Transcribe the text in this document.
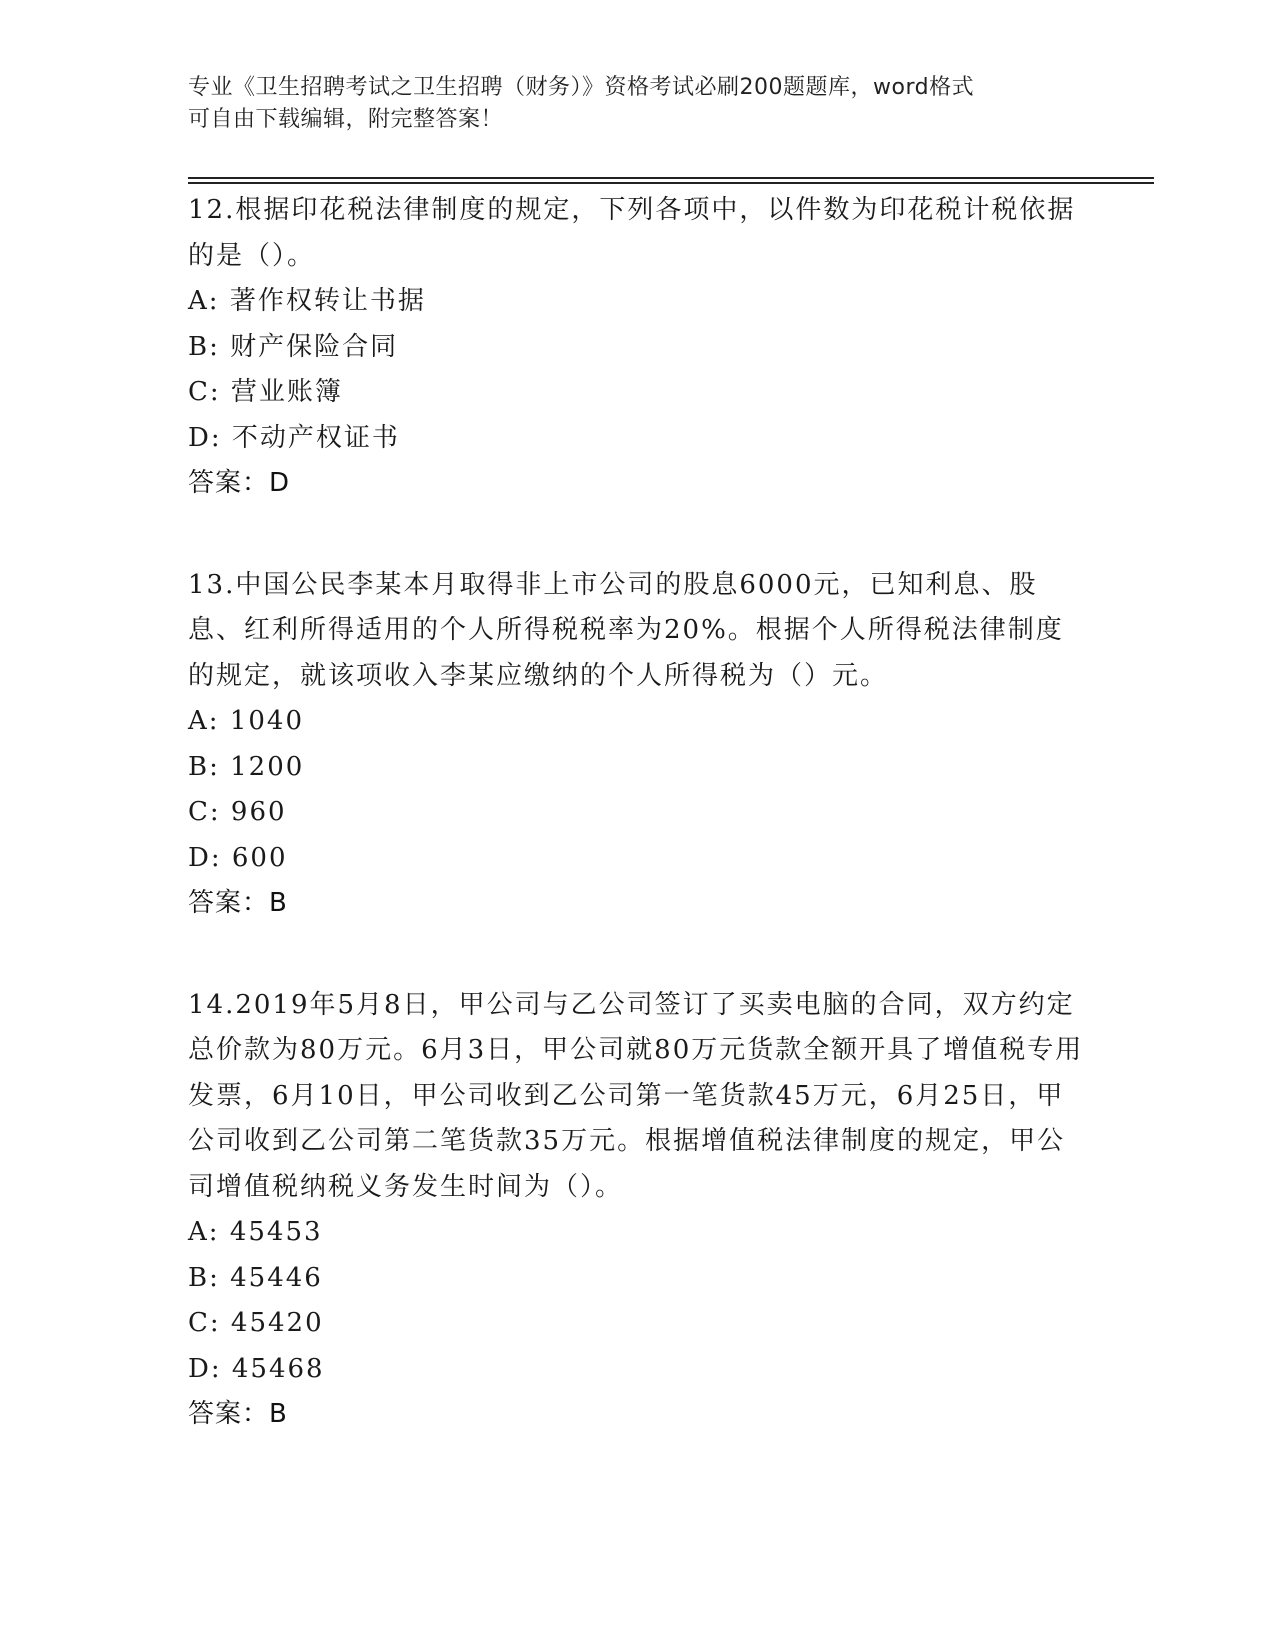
专业《卫生招聘考试之卫生招聘（财务）》资格考试必刷200题题库，word格式
可自由下载编辑，附完整答案！
12.根据印花税法律制度的规定，下列各项中，以件数为印花税计税依据的是（）。
A: 著作权转让书据
B: 财产保险合同
C: 营业账簿
D: 不动产权证书
答案：D
13.中国公民李某本月取得非上市公司的股息6000元，已知利息、股息、红利所得适用的个人所得税税率为20%。根据个人所得税法律制度的规定，就该项收入李某应缴纳的个人所得税为（）元。
A: 1040
B: 1200
C: 960
D: 600
答案：B
14.2019年5月8日，甲公司与乙公司签订了买卖电脑的合同，双方约定总价款为80万元。6月3日，甲公司就80万元货款全额开具了增值税专用发票，6月10日，甲公司收到乙公司第一笔货款45万元，6月25日，甲公司收到乙公司第二笔货款35万元。根据增值税法律制度的规定，甲公司增值税纳税义务发生时间为（）。
A: 45453
B: 45446
C: 45420
D: 45468
答案：B
